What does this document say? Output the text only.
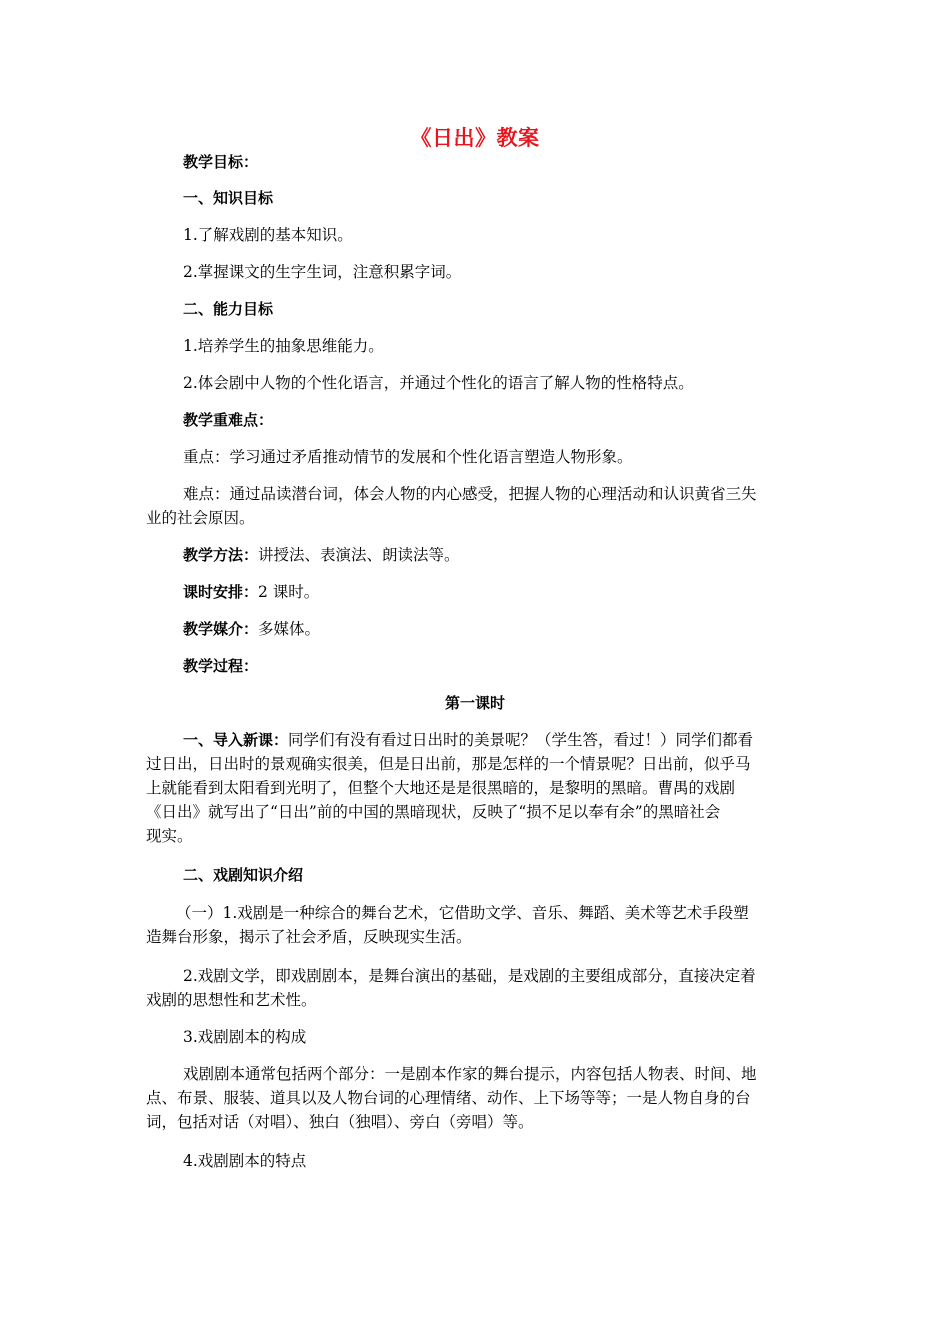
《日出》教案
教学目标：
一、知识目标
1.了解戏剧的基本知识。
2.掌握课文的生字生词，注意积累字词。
二、能力目标
1.培养学生的抽象思维能力。
2.体会剧中人物的个性化语言，并通过个性化的语言了解人物的性格特点。
教学重难点：
重点：学习通过矛盾推动情节的发展和个性化语言塑造人物形象。
难点：通过品读潜台词，体会人物的内心感受，把握人物的心理活动和认识黄省三失
业的社会原因。
教学方法：讲授法、表演法、朗读法等。
课时安排：2 课时。
教学媒介：多媒体。
教学过程：
第一课时
一、导入新课：同学们有没有看过日出时的美景呢？（学生答，看过！）同学们都看
过日出，日出时的景观确实很美，但是日出前，那是怎样的一个情景呢？日出前，似乎马
上就能看到太阳看到光明了，但整个大地还是是很黑暗的，是黎明的黑暗。曹禺的戏剧
《日出》就写出了“日出”前的中国的黑暗现状，反映了“损不足以奉有余”的黑暗社会
现实。
二、戏剧知识介绍
（一）1.戏剧是一种综合的舞台艺术，它借助文学、音乐、舞蹈、美术等艺术手段塑
造舞台形象，揭示了社会矛盾，反映现实生活。
2.戏剧文学，即戏剧剧本，是舞台演出的基础，是戏剧的主要组成部分，直接决定着
戏剧的思想性和艺术性。
3.戏剧剧本的构成
戏剧剧本通常包括两个部分：一是剧本作家的舞台提示，内容包括人物表、时间、地
点、布景、服装、道具以及人物台词的心理情绪、动作、上下场等等；一是人物自身的台
词，包括对话（对唱）、独白（独唱）、旁白（旁唱）等。
4.戏剧剧本的特点
